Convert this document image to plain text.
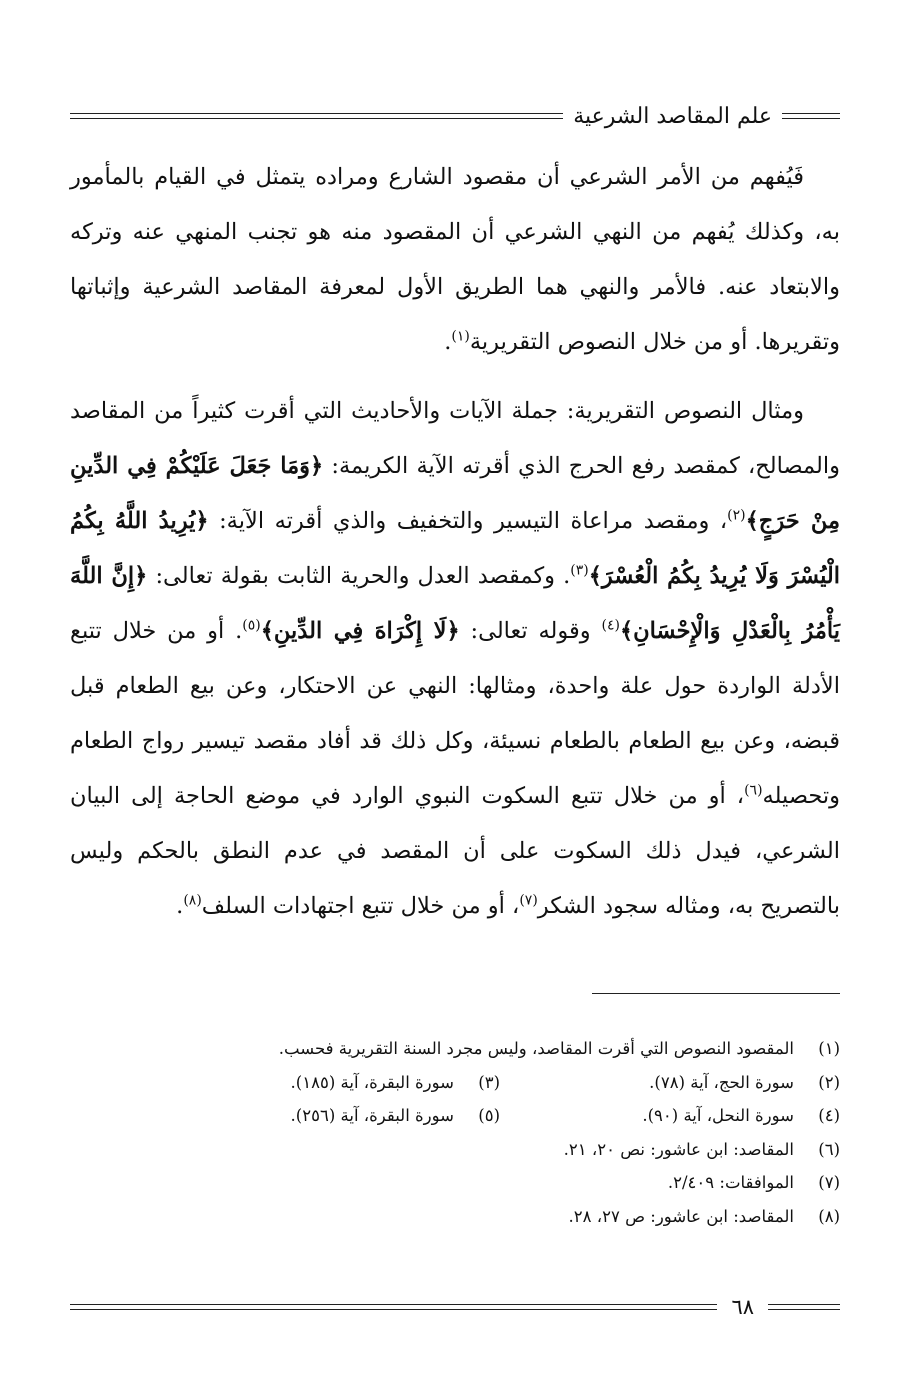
علم المقاصد الشرعية

فَيُفهم من الأمر الشرعي أن مقصود الشارع ومراده يتمثل في القيام بالمأمور به، وكذلك يُفهم من النهي الشرعي أن المقصود منه هو تجنب المنهي عنه وتركه والابتعاد عنه. فالأمر والنهي هما الطريق الأول لمعرفة المقاصد الشرعية وإثباتها وتقريرها. أو من خلال النصوص التقريرية$^{(١)}$.

ومثال النصوص التقريرية: جملة الآيات والأحاديث التي أقرت كثيراً من المقاصد والمصالح، كمقصد رفع الحرج الذي أقرته الآية الكريمة: ﴿وَمَا جَعَلَ عَلَيْكُمْ فِي الدِّينِ مِنْ حَرَجٍ﴾$^{(٢)}$، ومقصد مراعاة التيسير والتخفيف والذي أقرته الآية: ﴿يُرِيدُ اللَّهُ بِكُمُ الْيُسْرَ وَلَا يُرِيدُ بِكُمُ الْعُسْرَ﴾$^{(٣)}$. وكمقصد العدل والحرية الثابت بقولة تعالى: ﴿إِنَّ اللَّهَ يَأْمُرُ بِالْعَدْلِ وَالْإِحْسَانِ﴾$^{(٤)}$ وقوله تعالى: ﴿لَا إِكْرَاهَ فِي الدِّينِ﴾$^{(٥)}$. أو من خلال تتبع الأدلة الواردة حول علة واحدة، ومثالها: النهي عن الاحتكار، وعن بيع الطعام قبل قبضه، وعن بيع الطعام بالطعام نسيئة، وكل ذلك قد أفاد مقصد تيسير رواج الطعام وتحصيله$^{(٦)}$، أو من خلال تتبع السكوت النبوي الوارد في موضع الحاجة إلى البيان الشرعي، فيدل ذلك السكوت على أن المقصد في عدم النطق بالحكم وليس بالتصريح به، ومثاله سجود الشكر$^{(٧)}$، أو من خلال تتبع اجتهادات السلف$^{(٨)}$.

(١)المقصود النصوص التي أقرت المقاصد، وليس مجرد السنة التقريرية فحسب.
(٢)سورة الحج، آية (٧٨).
(٣)سورة البقرة، آية (١٨٥).
(٤)سورة النحل، آية (٩٠).
(٥)سورة البقرة، آية (٢٥٦).
(٦)المقاصد: ابن عاشور: نص ٢٠، ٢١.
(٧)الموافقات: ٢/٤٠٩.
(٨)المقاصد: ابن عاشور: ص ٢٧، ٢٨.
٦٨
